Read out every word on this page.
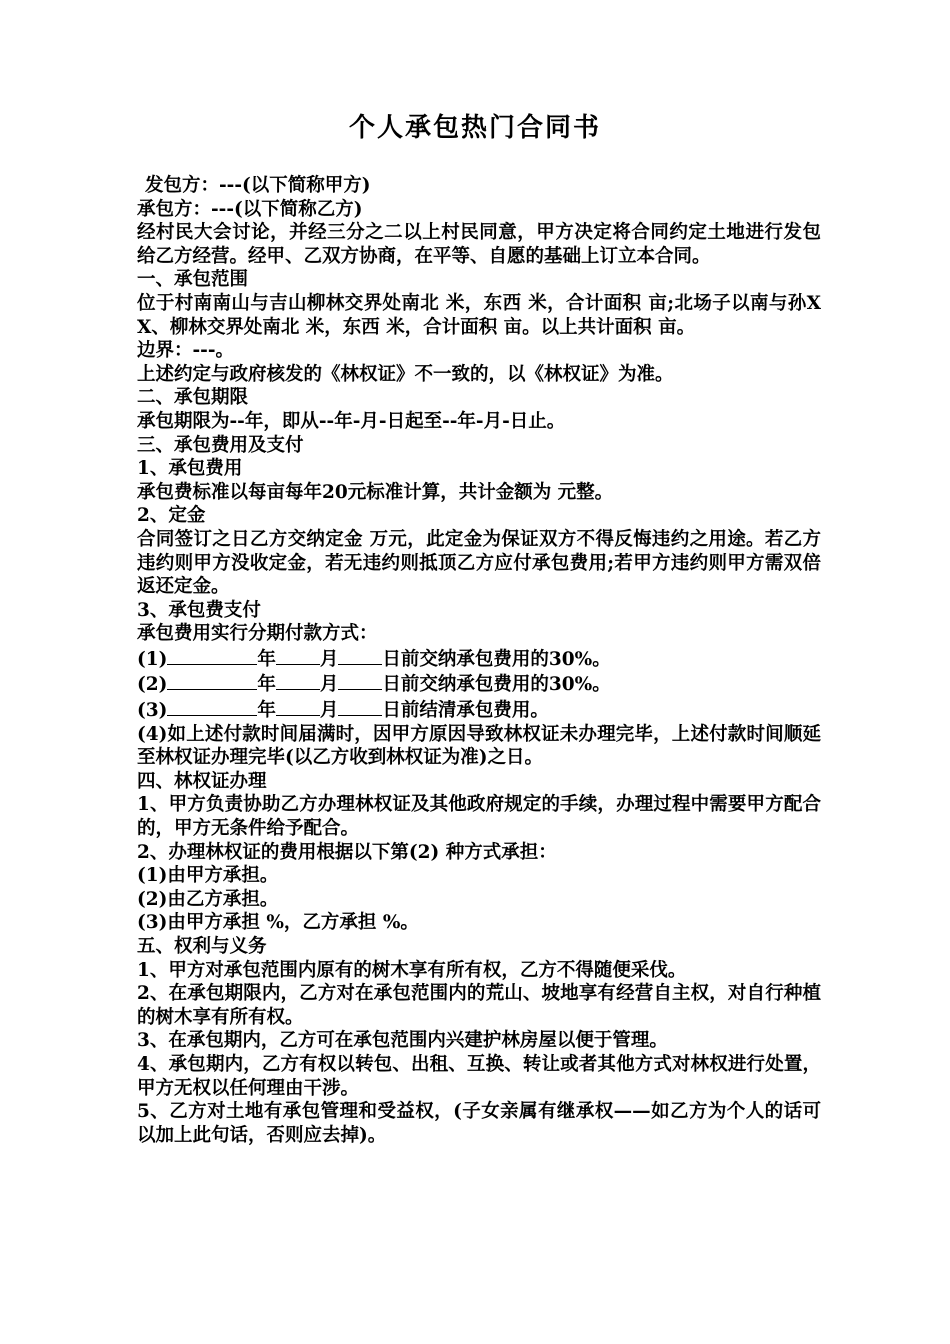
个人承包热门合同书

发包方：---(以下简称甲方)

承包方：---(以下简称乙方)

经村民大会讨论，并经三分之二以上村民同意，甲方决定将合同约定土地进行发包给乙方经营。经甲、乙双方协商，在平等、自愿的基础上订立本合同。

一、承包范围

位于村南南山与吉山柳林交界处南北 米，东西 米，合计面积 亩;北场子以南与孙XX、柳林交界处南北 米，东西 米，合计面积 亩。以上共计面积 亩。

边界：---。

上述约定与政府核发的《林权证》不一致的，以《林权证》为准。

二、承包期限

承包期限为--年，即从--年-月-日起至--年-月-日止。

三、承包费用及支付

1、承包费用

承包费标准以每亩每年20元标准计算，共计金额为 元整。

2、定金

合同签订之日乙方交纳定金 万元，此定金为保证双方不得反悔违约之用途。若乙方违约则甲方没收定金，若无违约则抵顶乙方应付承包费用;若甲方违约则甲方需双倍返还定金。

3、承包费支付

承包费用实行分期付款方式：

(1)	年 月 日前交纳承包费用的30%。

(2)	年 月 日前交纳承包费用的30%。

(3)	年 月 日前结清承包费用。

(4)如上述付款时间届满时，因甲方原因导致林权证未办理完毕，上述付款时间顺延至林权证办理完毕(以乙方收到林权证为准)之日。

四、林权证办理

1、甲方负责协助乙方办理林权证及其他政府规定的手续，办理过程中需要甲方配合的，甲方无条件给予配合。

2、办理林权证的费用根据以下第(2) 种方式承担：

(1)由甲方承担。

(2)由乙方承担。

(3)由甲方承担 %，乙方承担 %。

五、权利与义务

1、甲方对承包范围内原有的树木享有所有权，乙方不得随便采伐。

2、在承包期限内，乙方对在承包范围内的荒山、坡地享有经营自主权，对自行种植的树木享有所有权。

3、在承包期内，乙方可在承包范围内兴建护林房屋以便于管理。

4、承包期内，乙方有权以转包、出租、互换、转让或者其他方式对林权进行处置，甲方无权以任何理由干涉。

5、乙方对土地有承包管理和受益权，(子女亲属有继承权——如乙方为个人的话可以加上此句话，否则应去掉)。
